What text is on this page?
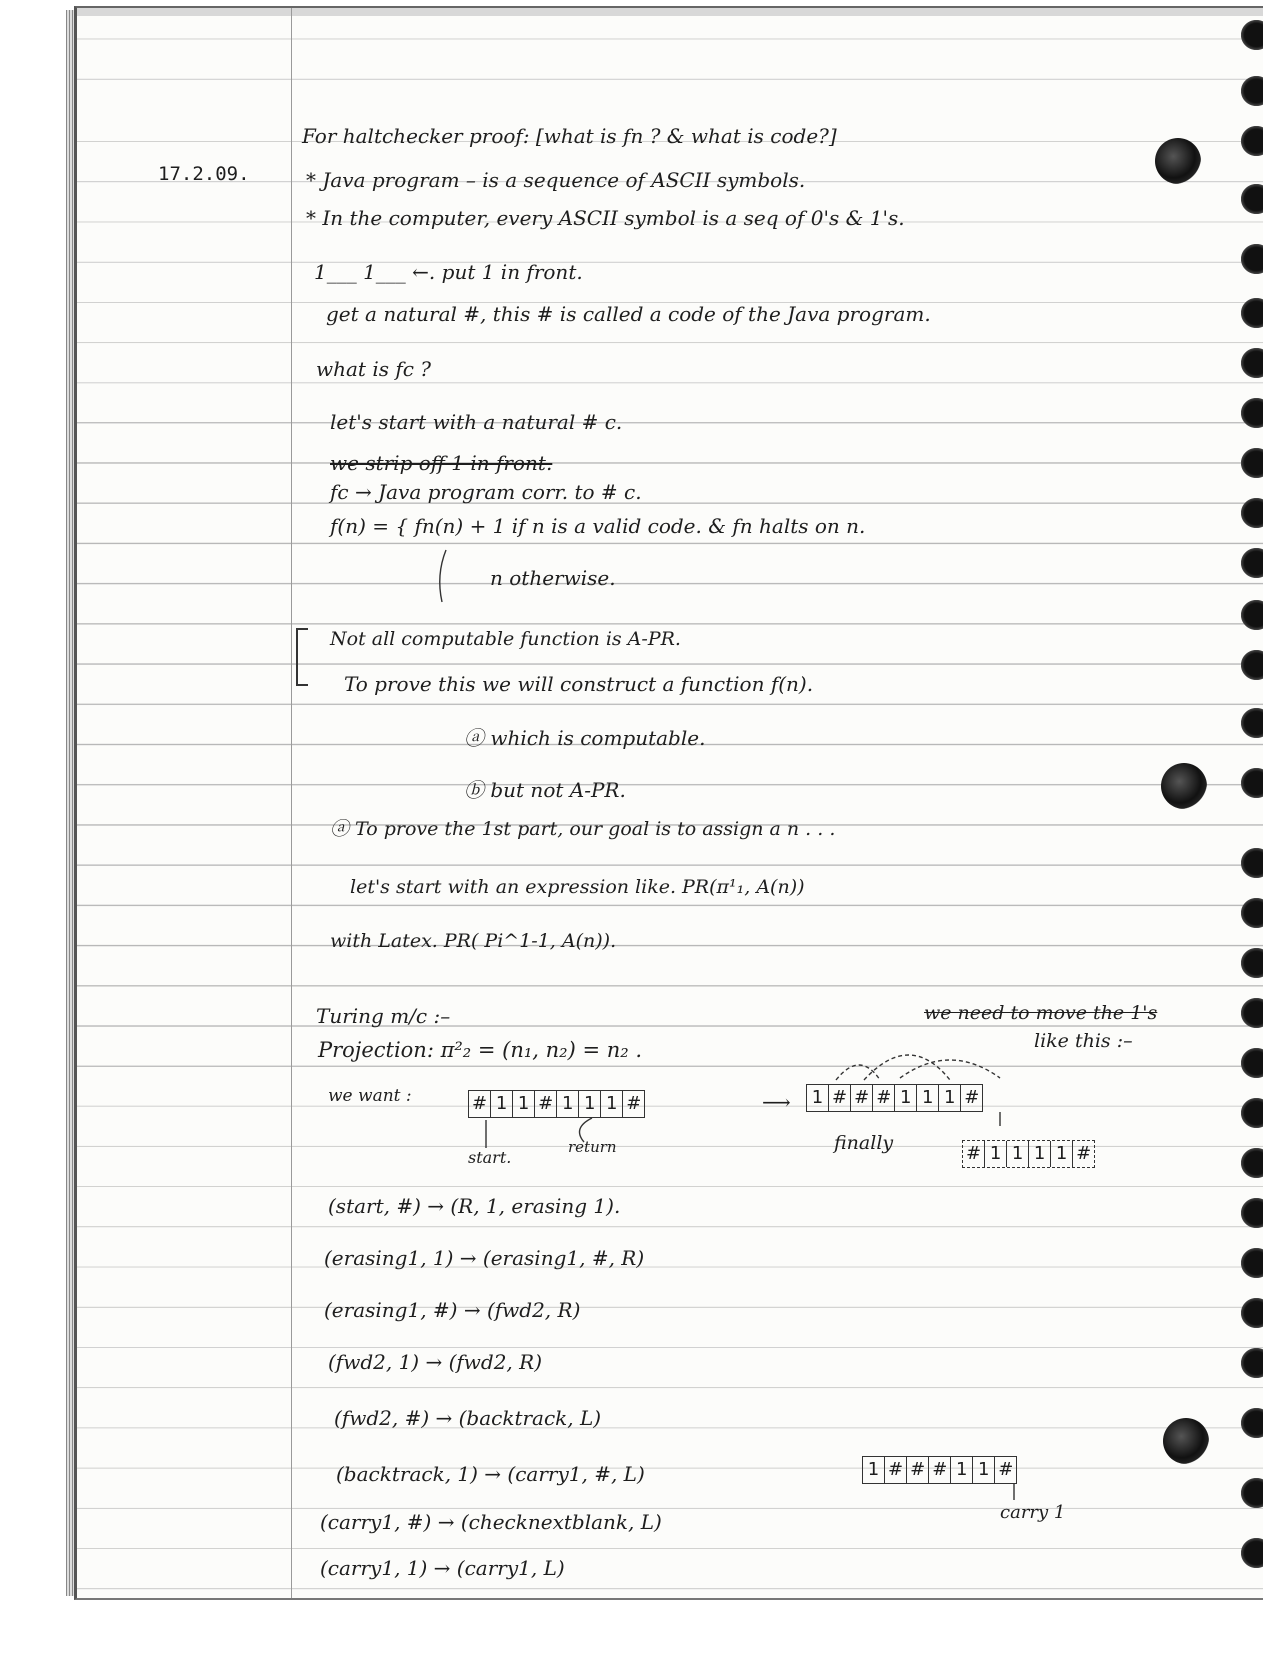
17.2.09.
For haltchecker proof: [what is fn ? & what is code?]
* Java program – is a sequence of ASCII symbols.
* In the computer, every ASCII symbol is a seq of 0's & 1's.
1___ 1___ ←. put 1 in front.
get a natural #, this # is called a code of the Java program.
what is fc ?
let's start with a natural # c.
we strip off 1 in front.
fc → Java program corr. to # c.
f(n) = { fn(n) + 1 if n is a valid code. & fn halts on n.
n otherwise.
Not all computable function is A-PR.
To prove this we will construct a function f(n).
ⓐ which is computable.
ⓑ but not A-PR.
ⓐ To prove the 1st part, our goal is to assign a n . . .
let's start with an expression like. PR(π¹₁, A(n))
with Latex. PR( Pi^1-1, A(n)).
Turing m/c :–
Projection: π²₂ = (n₁, n₂) = n₂ .
we want :	# 1 1 # 1 1 1 #	⟶ 1 # # # 1 1 1 #
start.
return	finally	# 1 1 1 1 #
we need to move the 1's
like this :–
(start, #) → (R, 1, erasing 1).
(erasing1, 1) → (erasing1, #, R)
(erasing1, #) → (fwd2, R)
(fwd2, 1) → (fwd2, R)
(fwd2, #) → (backtrack, L)
(backtrack, 1) → (carry1, #, L)
(carry1, #) → (checknextblank, L)
(carry1, 1) → (carry1, L)
1 # # # 1 1 #
carry 1
